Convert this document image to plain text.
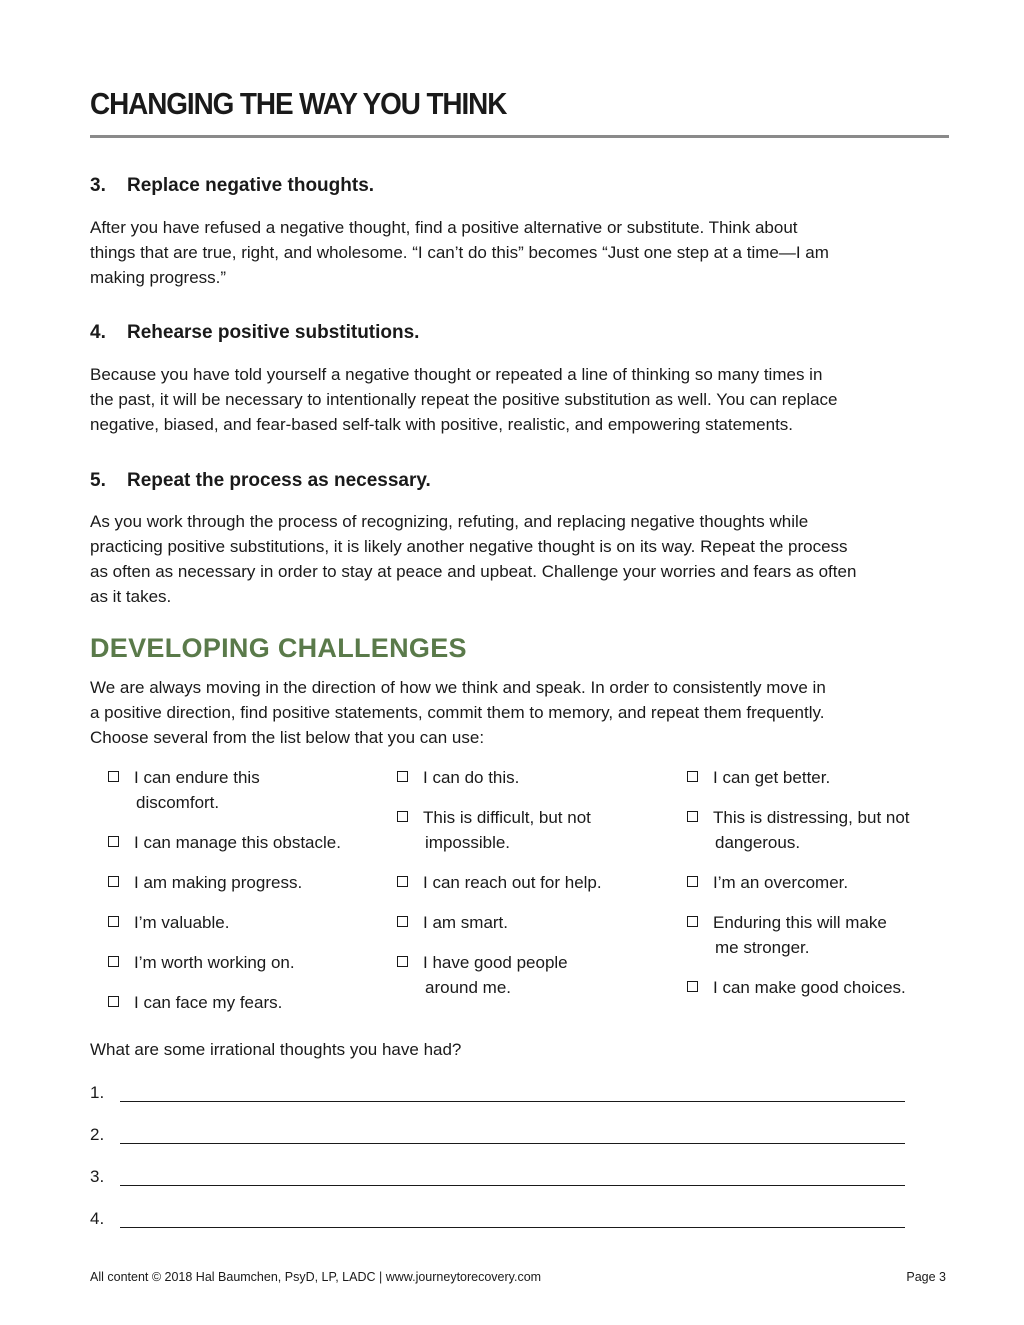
CHANGING THE WAY YOU THINK
3. Replace negative thoughts.

After you have refused a negative thought, find a positive alternative or substitute. Think about
things that are true, right, and wholesome. “I can’t do this” becomes “Just one step at a time—I am
making progress.”

4. Rehearse positive substitutions.

Because you have told yourself a negative thought or repeated a line of thinking so many times in
the past, it will be necessary to intentionally repeat the positive substitution as well. You can replace
negative, biased, and fear-based self-talk with positive, realistic, and empowering statements.

5. Repeat the process as necessary.

As you work through the process of recognizing, refuting, and replacing negative thoughts while
practicing positive substitutions, it is likely another negative thought is on its way. Repeat the process
as often as necessary in order to stay at peace and upbeat. Challenge your worries and fears as often
as it takes.

DEVELOPING CHALLENGES

We are always moving in the direction of how we think and speak. In order to consistently move in
a positive direction, find positive statements, commit them to memory, and repeat them frequently.
Choose several from the list below that you can use:

I can endure this
discomfort.
I can manage this obstacle.
I am making progress.
I’m valuable.
I’m worth working on.
I can face my fears.
I can do this.
This is difficult, but not
impossible.
I can reach out for help.
I am smart.
I have good people
around me.
I can get better.
This is distressing, but not
dangerous.
I’m an overcomer.
Enduring this will make
me stronger.
I can make good choices.
What are some irrational thoughts you have had?
1.
2.
3.
4.
All content © 2018 Hal Baumchen, PsyD, LP, LADC | www.journeytorecovery.com	Page 3
